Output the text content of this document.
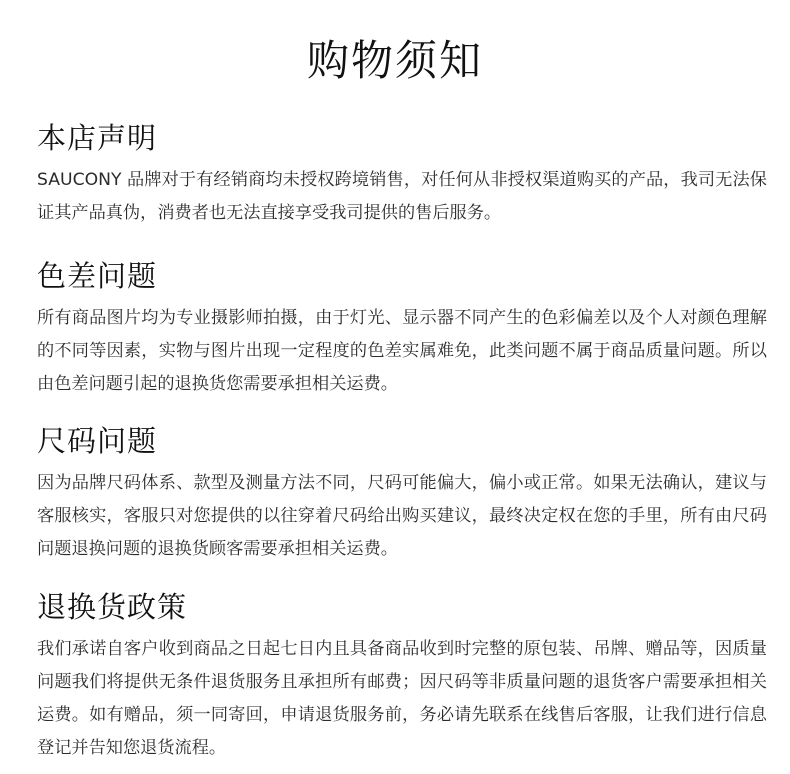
购物须知
本店声明

SAUCONY 品牌对于有经销商均未授权跨境销售，对任何从非授权渠道购买的产品，我司无法保证其产品真伪，消费者也无法直接享受我司提供的售后服务。

色差问题

所有商品图片均为专业摄影师拍摄，由于灯光、显示器不同产生的色彩偏差以及个人对颜色理解的不同等因素，实物与图片出现一定程度的色差实属难免，此类问题不属于商品质量问题。所以由色差问题引起的退换货您需要承担相关运费。

尺码问题

因为品牌尺码体系、款型及测量方法不同，尺码可能偏大，偏小或正常。如果无法确认，建议与客服核实，客服只对您提供的以往穿着尺码给出购买建议，最终决定权在您的手里，所有由尺码问题退换问题的退换货顾客需要承担相关运费。

退换货政策

我们承诺自客户收到商品之日起七日内且具备商品收到时完整的原包装、吊牌、赠品等，因质量问题我们将提供无条件退货服务且承担所有邮费；因尺码等非质量问题的退货客户需要承担相关运费。如有赠品，须一同寄回，申请退货服务前，务必请先联系在线售后客服，让我们进行信息登记并告知您退货流程。
